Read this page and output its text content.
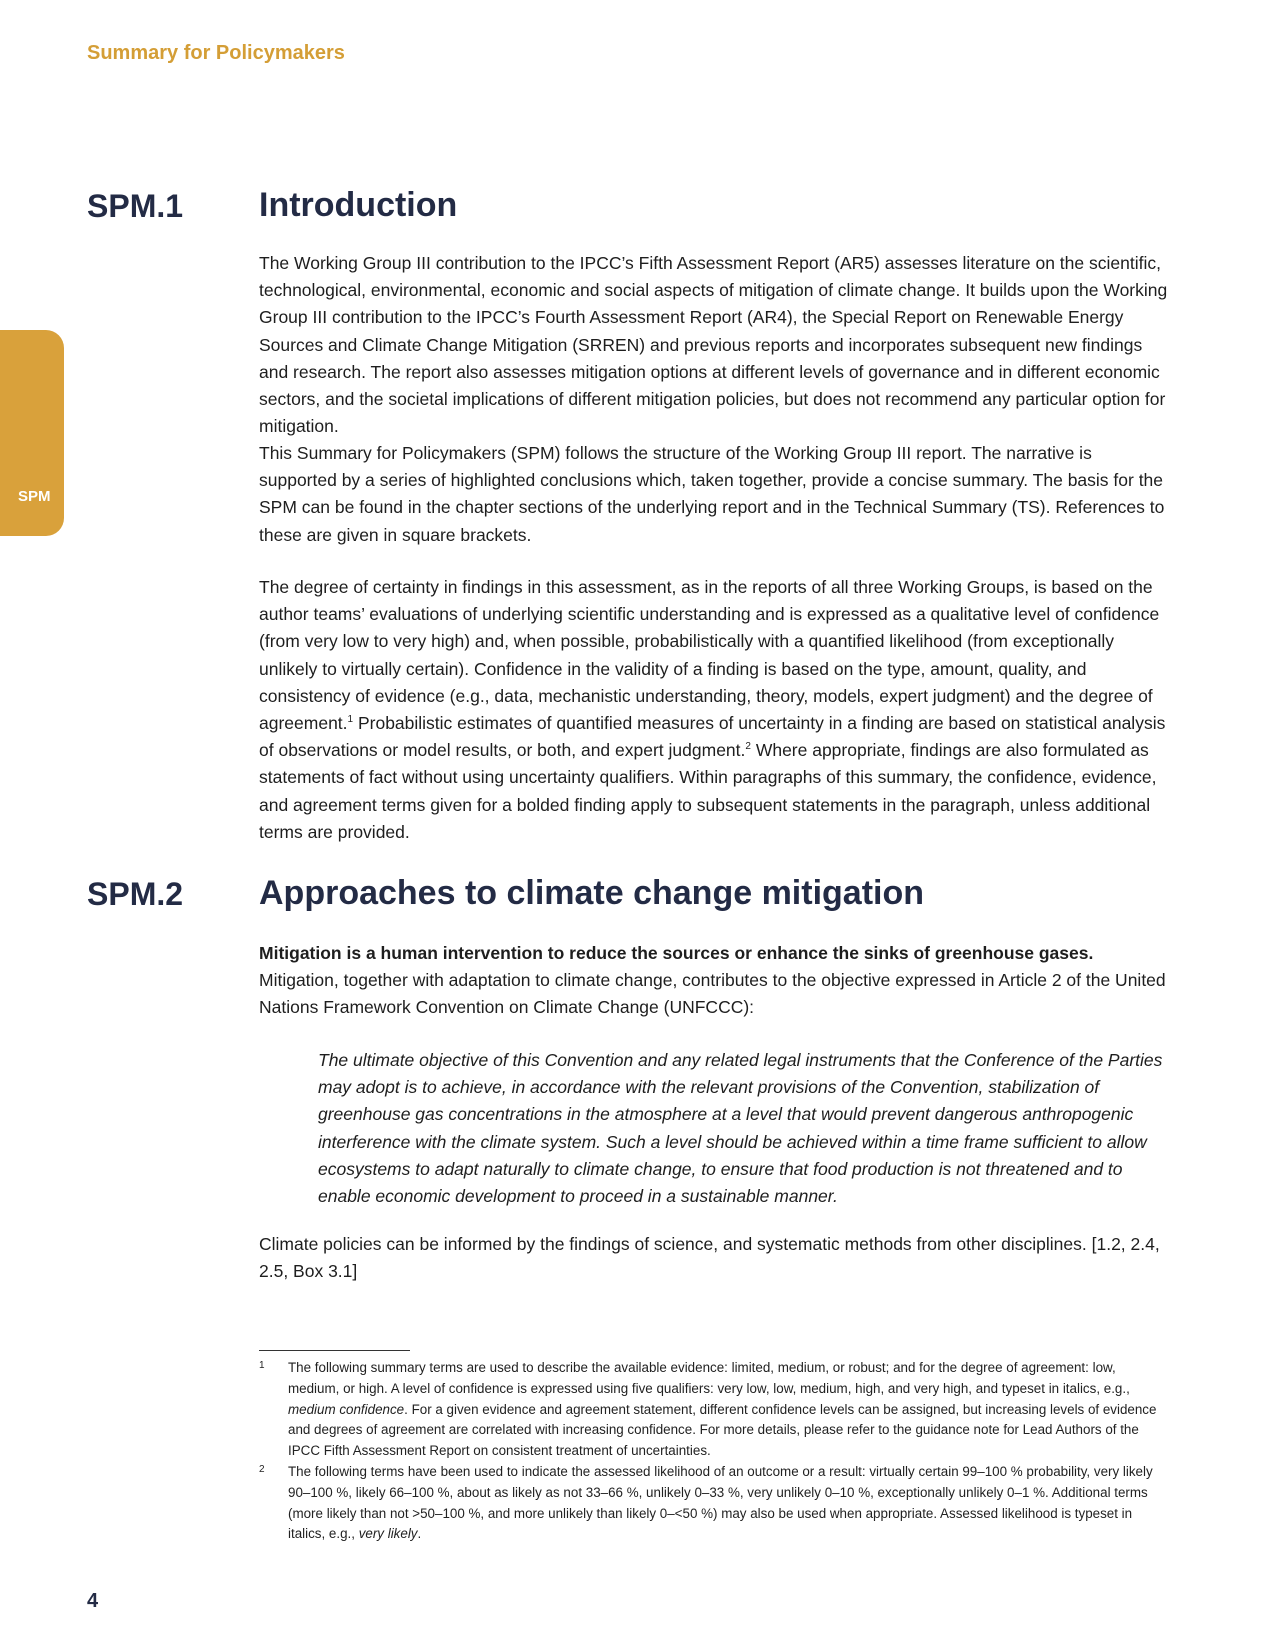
Summary for Policymakers
SPM
SPM.1 Introduction

The Working Group III contribution to the IPCC’s Fifth Assessment Report (AR5) assesses literature on the scientific, technological, environmental, economic and social aspects of mitigation of climate change. It builds upon the Working Group III contribution to the IPCC’s Fourth Assessment Report (AR4), the Special Report on Renewable Energy Sources and Climate Change Mitigation (SRREN) and previous reports and incorporates subsequent new findings and research. The report also assesses mitigation options at different levels of governance and in different economic sectors, and the societal implications of different mitigation policies, but does not recommend any particular option for mitigation.

This Summary for Policymakers (SPM) follows the structure of the Working Group III report. The narrative is supported by a series of highlighted conclusions which, taken together, provide a concise summary. The basis for the SPM can be found in the chapter sections of the underlying report and in the Technical Summary (TS). References to these are given in square brackets.

The degree of certainty in findings in this assessment, as in the reports of all three Working Groups, is based on the author teams’ evaluations of underlying scientific understanding and is expressed as a qualitative level of confidence (from very low to very high) and, when possible, probabilistically with a quantified likelihood (from exceptionally unlikely to virtually certain). Confidence in the validity of a finding is based on the type, amount, quality, and consistency of evidence (e.g., data, mechanistic understanding, theory, models, expert judgment) and the degree of agreement.$^1$ Probabilistic estimates of quantified measures of uncertainty in a finding are based on statistical analysis of observations or model results, or both, and expert judgment.$^2$ Where appropriate, findings are also formulated as statements of fact without using uncertainty qualifiers. Within paragraphs of this summary, the confidence, evidence, and agreement terms given for a bolded finding apply to subsequent statements in the paragraph, unless additional terms are provided.

SPM.2 Approaches to climate change mitigation

Mitigation is a human intervention to reduce the sources or enhance the sinks of greenhouse gases. Mitigation, together with adaptation to climate change, contributes to the objective expressed in Article 2 of the United Nations Framework Convention on Climate Change (UNFCCC):

The ultimate objective of this Convention and any related legal instruments that the Conference of the Parties may adopt is to achieve, in accordance with the relevant provisions of the Convention, stabilization of greenhouse gas concentrations in the atmosphere at a level that would prevent dangerous anthropogenic interference with the climate system. Such a level should be achieved within a time frame sufficient to allow ecosystems to adapt naturally to climate change, to ensure that food production is not threatened and to enable economic development to proceed in a sustainable manner.

Climate policies can be informed by the findings of science, and systematic methods from other disciplines. [1.2, 2.4, 2.5, Box 3.1]

1 The following summary terms are used to describe the available evidence: limited, medium, or robust; and for the degree of agreement: low, medium, or high. A level of confidence is expressed using five qualifiers: very low, low, medium, high, and very high, and typeset in italics, e.g., medium confidence. For a given evidence and agreement statement, different confidence levels can be assigned, but increasing levels of evidence and degrees of agreement are correlated with increasing confidence. For more details, please refer to the guidance note for Lead Authors of the IPCC Fifth Assessment Report on consistent treatment of uncertainties.

2 The following terms have been used to indicate the assessed likelihood of an outcome or a result: virtually certain 99–100 % probability, very likely 90–100 %, likely 66–100 %, about as likely as not 33–66 %, unlikely 0–33 %, very unlikely 0–10 %, exceptionally unlikely 0–1 %. Additional terms (more likely than not >50–100 %, and more unlikely than likely 0–<50 %) may also be used when appropriate. Assessed likelihood is typeset in italics, e.g., very likely.

4
